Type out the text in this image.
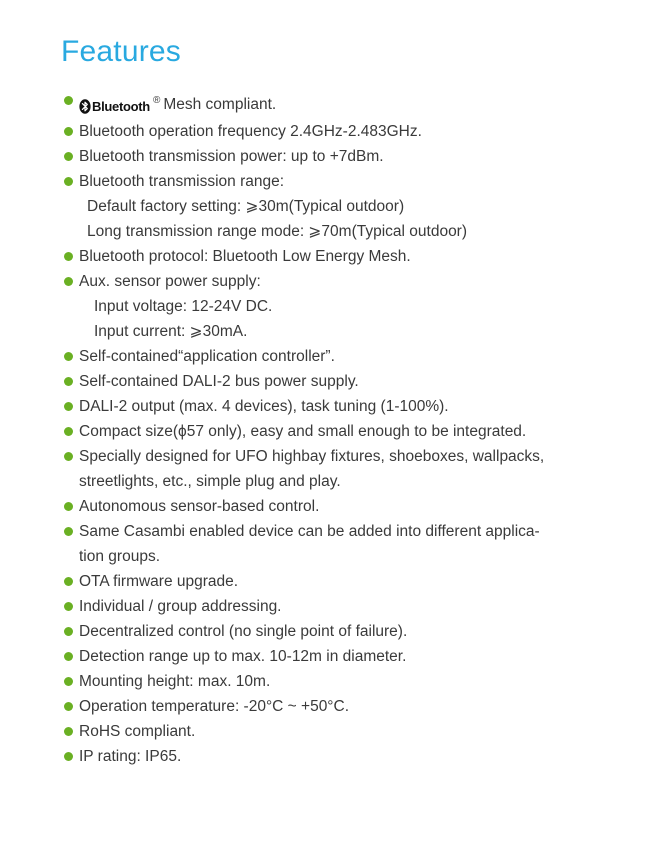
Features
Bluetooth ® Mesh compliant.
Bluetooth operation frequency 2.4GHz-2.483GHz.
Bluetooth transmission power: up to +7dBm.
Bluetooth transmission range:
Default factory setting: ⩾30m(Typical outdoor)
Long transmission range mode: ⩾70m(Typical outdoor)
Bluetooth protocol: Bluetooth Low Energy Mesh.
Aux. sensor power supply:
Input voltage: 12-24V DC.
Input current: ⩾30mA.
Self-contained“application controller”.
Self-contained DALI-2 bus power supply.
DALI-2 output (max. 4 devices), task tuning (1-100%).
Compact size(ϕ57 only), easy and small enough to be integrated.
Specially designed for UFO highbay fixtures, shoeboxes, wallpacks,
streetlights, etc., simple plug and play.
Autonomous sensor-based control.
Same Casambi enabled device can be added into different applica-
tion groups.
OTA firmware upgrade.
Individual / group addressing.
Decentralized control (no single point of failure).
Detection range up to max. 10-12m in diameter.
Mounting height: max. 10m.
Operation temperature: -20°C ~ +50°C.
RoHS compliant.
IP rating: IP65.
